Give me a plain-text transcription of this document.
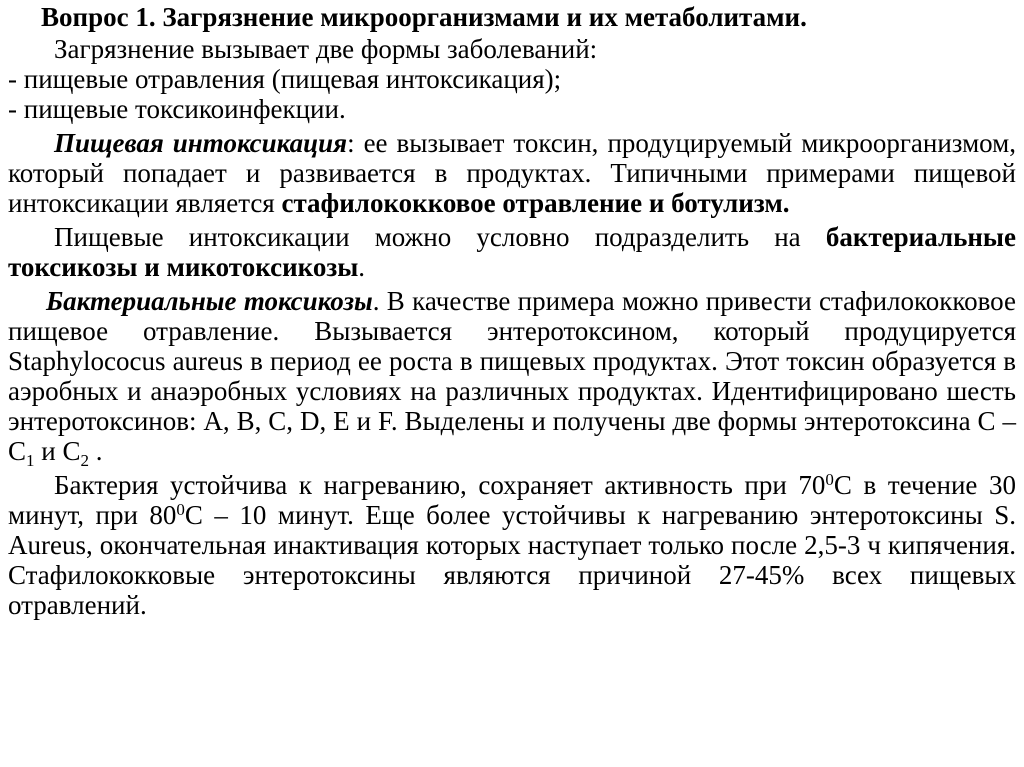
Вопрос 1. Загрязнение микроорганизмами и их метаболитами.
Загрязнение вызывает две формы заболеваний:
- пищевые отравления (пищевая интоксикация);
- пищевые токсикоинфекции.

Пищевая интоксикация: ее вызывает токсин, продуцируемый микроорганизмом, который попадает и развивается в продуктах. Типичными примерами пищевой интоксикации является стафилококковое отравление и ботулизм.

Пищевые интоксикации можно условно подразделить на бактериальные токсикозы и микотоксикозы.

Бактериальные токсикозы. В качестве примера можно привести стафилококковое пищевое отравление. Вызывается энтеротоксином, который продуцируется Staphylococus aureus в период ее роста в пищевых продуктах. Этот токсин образуется в аэробных и анаэробных условиях на различных продуктах. Идентифицировано шесть энтеротоксинов: A, B, C, D, E и F. Выделены и получены две формы энтеротоксина С – $С_1$ и $С_2$ .

Бактерия устойчива к нагреванию, сохраняет активность при $70^0С$ в течение 30 минут, при $80^0С - 10$ минут. Еще более устойчивы к нагреванию энтеротоксины S. Aureus, окончательная инактивация которых наступает только после 2,5-3 ч кипячения. Стафилококковые энтеротоксины являются причиной 27-45% всех пищевых отравлений.
